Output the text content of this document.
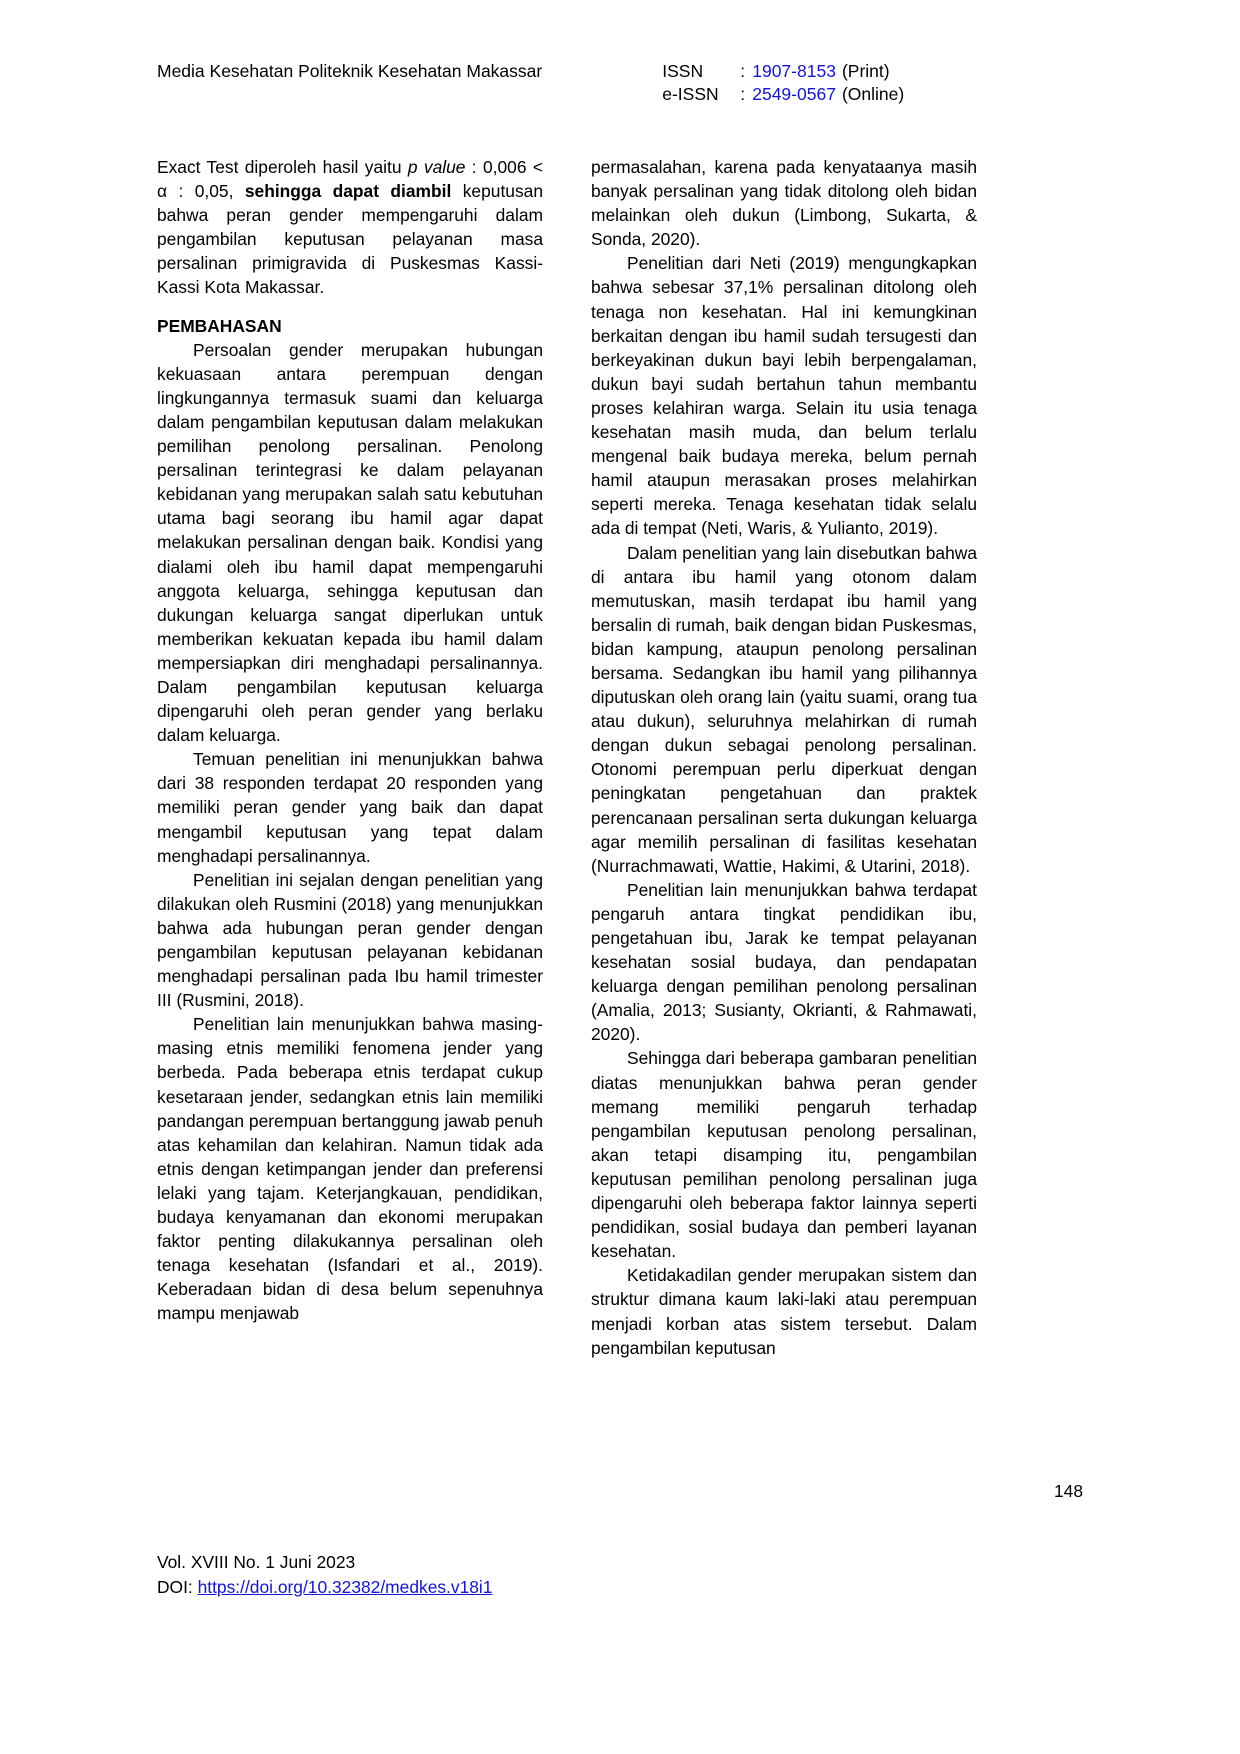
Media Kesehatan Politeknik Kesehatan Makassar	ISSN	: 1907-8153 (Print)
e-ISSN	: 2549-0567 (Online)

Exact Test diperoleh hasil yaitu p value : 0,006 < α : 0,05, sehingga dapat diambil keputusan bahwa peran gender mempengaruhi dalam pengambilan keputusan pelayanan masa persalinan primigravida di Puskesmas Kassi-Kassi Kota Makassar.

PEMBAHASAN

Persoalan gender merupakan hubungan kekuasaan antara perempuan dengan lingkungannya termasuk suami dan keluarga dalam pengambilan keputusan dalam melakukan pemilihan penolong persalinan. Penolong persalinan terintegrasi ke dalam pelayanan kebidanan yang merupakan salah satu kebutuhan utama bagi seorang ibu hamil agar dapat melakukan persalinan dengan baik. Kondisi yang dialami oleh ibu hamil dapat mempengaruhi anggota keluarga, sehingga keputusan dan dukungan keluarga sangat diperlukan untuk memberikan kekuatan kepada ibu hamil dalam mempersiapkan diri menghadapi persalinannya. Dalam pengambilan keputusan keluarga dipengaruhi oleh peran gender yang berlaku dalam keluarga.

Temuan penelitian ini menunjukkan bahwa dari 38 responden terdapat 20 responden yang memiliki peran gender yang baik dan dapat mengambil keputusan yang tepat dalam menghadapi persalinannya.

Penelitian ini sejalan dengan penelitian yang dilakukan oleh Rusmini (2018) yang menunjukkan bahwa ada hubungan peran gender dengan pengambilan keputusan pelayanan kebidanan menghadapi persalinan pada Ibu hamil trimester III (Rusmini, 2018).

Penelitian lain menunjukkan bahwa masing-masing etnis memiliki fenomena jender yang berbeda. Pada beberapa etnis terdapat cukup kesetaraan jender, sedangkan etnis lain memiliki pandangan perempuan bertanggung jawab penuh atas kehamilan dan kelahiran. Namun tidak ada etnis dengan ketimpangan jender dan preferensi lelaki yang tajam. Keterjangkauan, pendidikan, budaya kenyamanan dan ekonomi merupakan faktor penting dilakukannya persalinan oleh tenaga kesehatan (Isfandari et al., 2019). Keberadaan bidan di desa belum sepenuhnya mampu menjawab

permasalahan, karena pada kenyataanya masih banyak persalinan yang tidak ditolong oleh bidan melainkan oleh dukun (Limbong, Sukarta, & Sonda, 2020).

Penelitian dari Neti (2019) mengungkapkan bahwa sebesar 37,1% persalinan ditolong oleh tenaga non kesehatan. Hal ini kemungkinan berkaitan dengan ibu hamil sudah tersugesti dan berkeyakinan dukun bayi lebih berpengalaman, dukun bayi sudah bertahun tahun membantu proses kelahiran warga. Selain itu usia tenaga kesehatan masih muda, dan belum terlalu mengenal baik budaya mereka, belum pernah hamil ataupun merasakan proses melahirkan seperti mereka. Tenaga kesehatan tidak selalu ada di tempat (Neti, Waris, & Yulianto, 2019).

Dalam penelitian yang lain disebutkan bahwa di antara ibu hamil yang otonom dalam memutuskan, masih terdapat ibu hamil yang bersalin di rumah, baik dengan bidan Puskesmas, bidan kampung, ataupun penolong persalinan bersama. Sedangkan ibu hamil yang pilihannya diputuskan oleh orang lain (yaitu suami, orang tua atau dukun), seluruhnya melahirkan di rumah dengan dukun sebagai penolong persalinan. Otonomi perempuan perlu diperkuat dengan peningkatan pengetahuan dan praktek perencanaan persalinan serta dukungan keluarga agar memilih persalinan di fasilitas kesehatan (Nurrachmawati, Wattie, Hakimi, & Utarini, 2018).

Penelitian lain menunjukkan bahwa terdapat pengaruh antara tingkat pendidikan ibu, pengetahuan ibu, Jarak ke tempat pelayanan kesehatan sosial budaya, dan pendapatan keluarga dengan pemilihan penolong persalinan (Amalia, 2013; Susianty, Okrianti, & Rahmawati, 2020).

Sehingga dari beberapa gambaran penelitian diatas menunjukkan bahwa peran gender memang memiliki pengaruh terhadap pengambilan keputusan penolong persalinan, akan tetapi disamping itu, pengambilan keputusan pemilihan penolong persalinan juga dipengaruhi oleh beberapa faktor lainnya seperti pendidikan, sosial budaya dan pemberi layanan kesehatan.

Ketidakadilan gender merupakan sistem dan struktur dimana kaum laki-laki atau perempuan menjadi korban atas sistem tersebut. Dalam pengambilan keputusan

148
Vol. XVIII No. 1 Juni 2023
DOI: https://doi.org/10.32382/medkes.v18i1
